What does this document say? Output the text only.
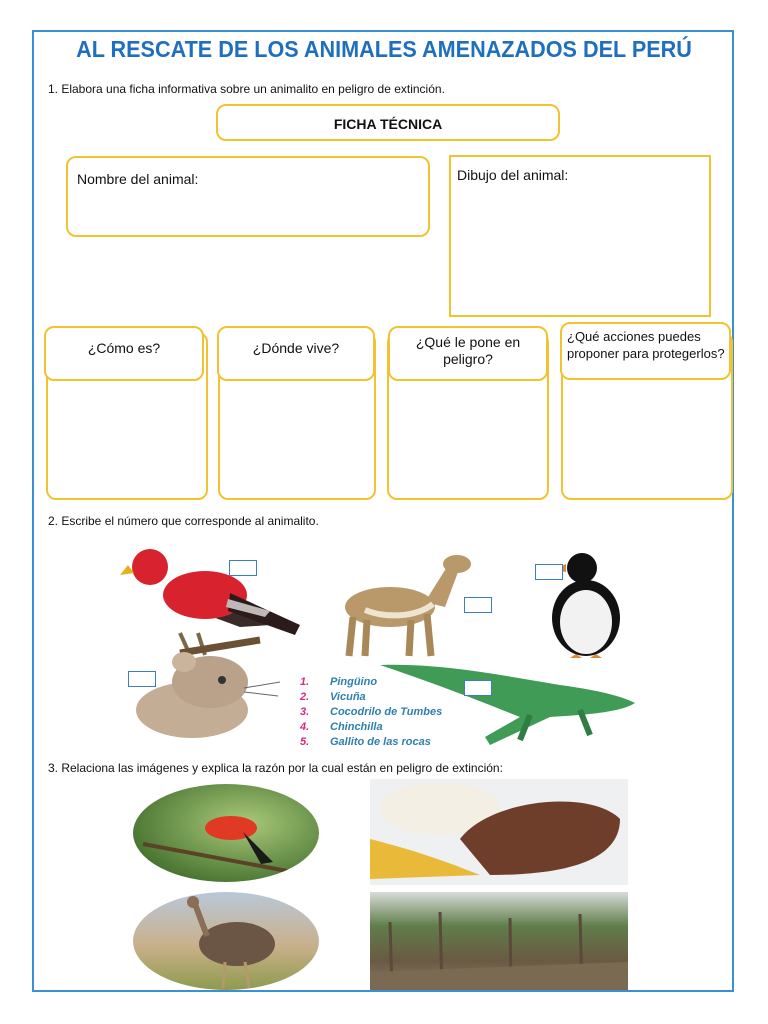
AL RESCATE DE LOS ANIMALES AMENAZADOS DEL PERÚ
1. Elabora una ficha informativa sobre un animalito en peligro de extinción.
FICHA TÉCNICA
Nombre del animal:	Dibujo del animal:
¿Cómo es?	¿Dónde vive?	¿Qué le pone en peligro?
¿Qué acciones puedes proponer para protegerlos?
2. Escribe el número que corresponde al animalito.
1. Pingüino
2. Vicuña
3. Cocodrilo de Tumbes
4. Chinchilla
5. Gallito de las rocas
3. Relaciona las imágenes y explica la razón por la cual están en peligro de extinción:
